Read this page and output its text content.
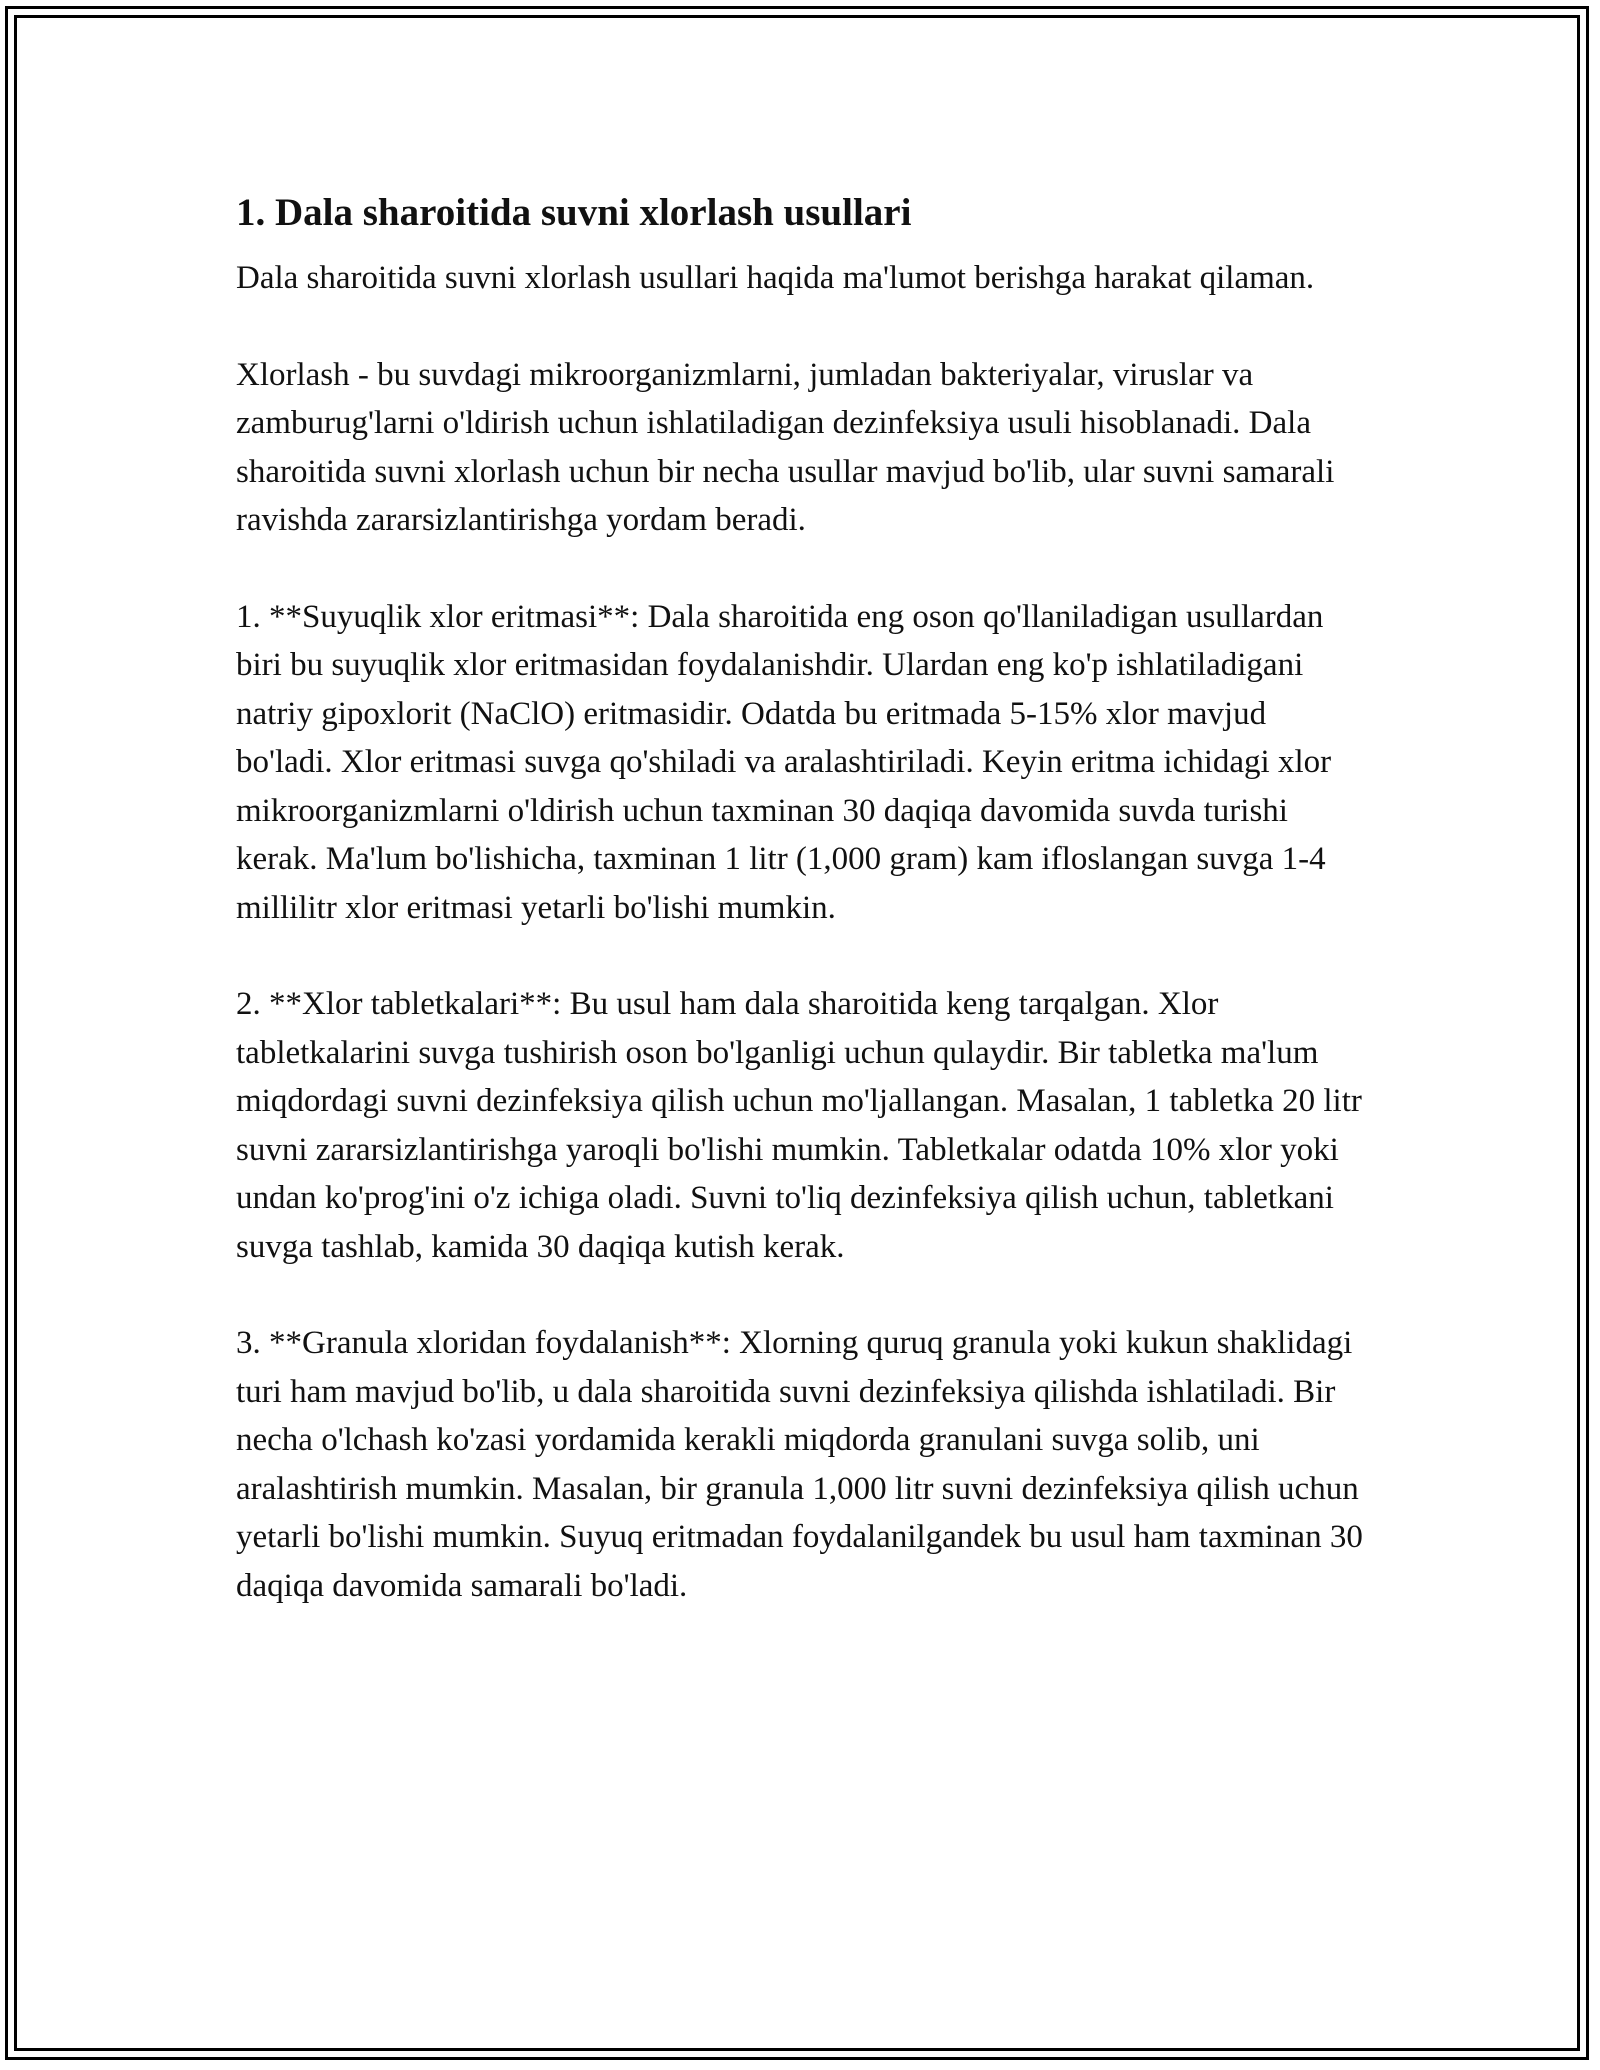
1. Dala sharoitida suvni xlorlash usullari

Dala sharoitida suvni xlorlash usullari haqida ma'lumot berishga harakat qilaman.

Xlorlash - bu suvdagi mikroorganizmlarni, jumladan bakteriyalar, viruslar va zamburug'larni o'ldirish uchun ishlatiladigan dezinfeksiya usuli hisoblanadi. Dala sharoitida suvni xlorlash uchun bir necha usullar mavjud bo'lib, ular suvni samarali ravishda zararsizlantirishga yordam beradi.

1. **Suyuqlik xlor eritmasi**: Dala sharoitida eng oson qo'llaniladigan usullardan biri bu suyuqlik xlor eritmasidan foydalanishdir. Ulardan eng ko'p ishlatiladigani natriy gipoxlorit (NaClO) eritmasidir. Odatda bu eritmada 5-15% xlor mavjud bo'ladi. Xlor eritmasi suvga qo'shiladi va aralashtiriladi. Keyin eritma ichidagi xlor mikroorganizmlarni o'ldirish uchun taxminan 30 daqiqa davomida suvda turishi kerak. Ma'lum bo'lishicha, taxminan 1 litr (1,000 gram) kam ifloslangan suvga 1-4 millilitr xlor eritmasi yetarli bo'lishi mumkin.

2. **Xlor tabletkalari**: Bu usul ham dala sharoitida keng tarqalgan. Xlor tabletkalarini suvga tushirish oson bo'lganligi uchun qulaydir. Bir tabletka ma'lum miqdordagi suvni dezinfeksiya qilish uchun mo'ljallangan. Masalan, 1 tabletka 20 litr suvni zararsizlantirishga yaroqli bo'lishi mumkin. Tabletkalar odatda 10% xlor yoki undan ko'prog'ini o'z ichiga oladi. Suvni to'liq dezinfeksiya qilish uchun, tabletkani suvga tashlab, kamida 30 daqiqa kutish kerak.

3. **Granula xloridan foydalanish**: Xlorning quruq granula yoki kukun shaklidagi turi ham mavjud bo'lib, u dala sharoitida suvni dezinfeksiya qilishda ishlatiladi. Bir necha o'lchash ko'zasi yordamida kerakli miqdorda granulani suvga solib, uni aralashtirish mumkin. Masalan, bir granula 1,000 litr suvni dezinfeksiya qilish uchun yetarli bo'lishi mumkin. Suyuq eritmadan foydalanilgandek bu usul ham taxminan 30 daqiqa davomida samarali bo'ladi.
